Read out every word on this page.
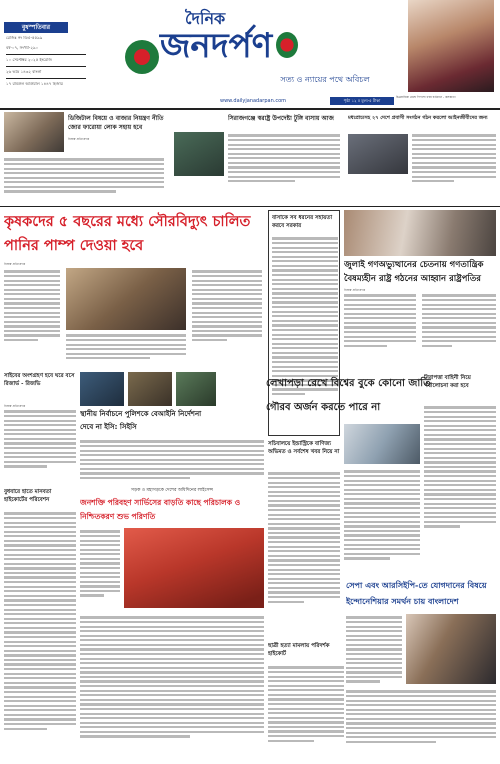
বুধস্পতিবার
রেজিঃ নং ডিএ-৫৫৯৯
বর্ষ-০৭, সংখ্যা-২৯০
১০ সেপ্টেম্বর ২০২৫ ইংরেজি
২৬ ভাদ্র ১৪৩২ বাংলা
১৭ রবিউল আউয়াল ১৪৪৭ হিজরি
দৈনিক
জনদর্পণ
সত্য ও ন্যায়ের পথে অবিচল
চিত্রনায়িকা মেঘে পিপাসা খবর বর্তমানে - কলকাতা
www.dailyjanadarpan.com	পৃষ্ঠা ১২ ॥ মূল্য-৫ টাকা
ডিজিটাল বিষয়ে ও বাজার নিয়ন্ত্রণ নীতি জোর ফারোয়া লোক সহায় হবে
নিজস্ব প্রতিবেদক
সিরাজগঞ্জে স্বরাষ্ট্র উপদেষ্টা টুঙ্গি বাসায় আজ	মধ্যপ্রাচ্যসহ ২৭ দেশে প্রবাসী সংগঠন গঠন করলো আইনজীবীদের জন্য
কৃষকদের ৫ বছরের মধ্যে সৌরবিদ্যুৎ চালিত পানির পাম্প দেওয়া হবে
নিজস্ব প্রতিবেদক
বাসাকে সব ধরনের সহায়তা করবে সরকার
জুলাই গণঅভ্যুত্থানের চেতনায় গণতান্ত্রিক বৈষম্যহীন রাষ্ট্র গঠনের আহ্বান রাষ্ট্রপতির
নিজস্ব প্রতিবেদক
সাইবের অংশগ্রহণ হবে ঘরে বসে রিজার্ভ - রিজভি
নিজস্ব প্রতিবেদক
স্থানীয় নির্বাচনে পুলিশকে বেআইনি নির্দেশনা দেবে না ইসি: সিইসি
সচিবালয়ে ইন্ডাস্ট্রিকে বাণিজ্য অভিমত ও সর্বশেষ খবর নিয়ে না
লেখাপড়া রেখে বিশ্বের বুকে কোনো জাতি গৌরব অর্জন করতে পারে না
নিরাপত্তা বাহিনী নিয়ে পর্যালোচনা করা হবে
বুধবারে হাতে মানবতা হাইকোর্টের পরিবেশন
সড়ক ও মহাসড়কে দেশের অধিদিনের লাইসেন্স
জনশক্তি পরিবহণ সার্ভিসের বাড়তি কাছে পরিচালক ও নিশ্চিতকরণ শুভ পরিণতি
ছাত্রী হত্যা মামলায় পরিদর্শক হাইকোর্ট
সেপা এবং আরসিইপি-তে যোগদানের বিষয়ে ইন্দোনেশিয়ার সমর্থন চায় বাংলাদেশ
